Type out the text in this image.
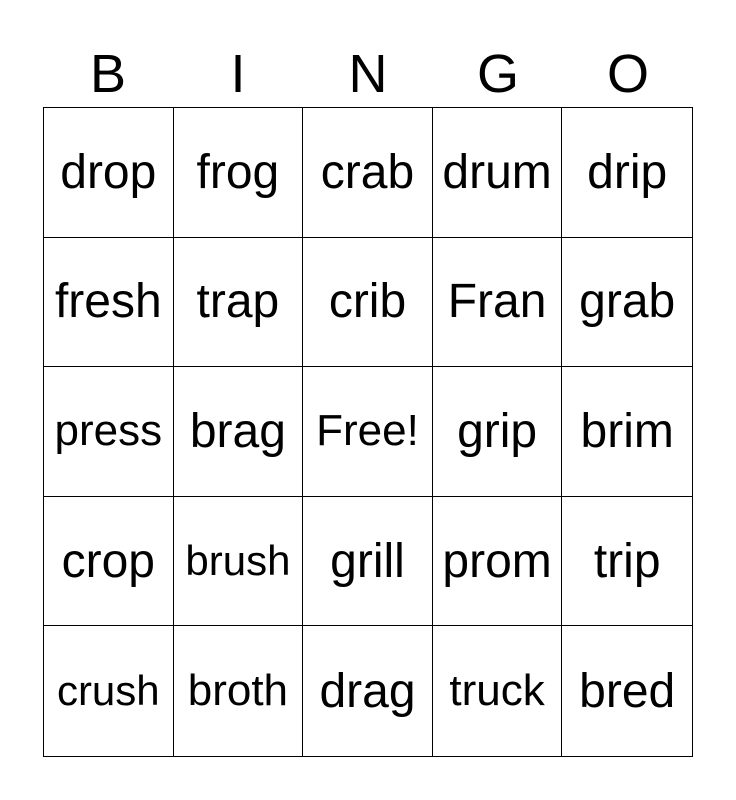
B	I	N	G	O
drop frog crab drum drip
fresh trap	crib Fran grab
press brag Free! grip brim
crop brush grill prom trip
crush broth drag truck bred
